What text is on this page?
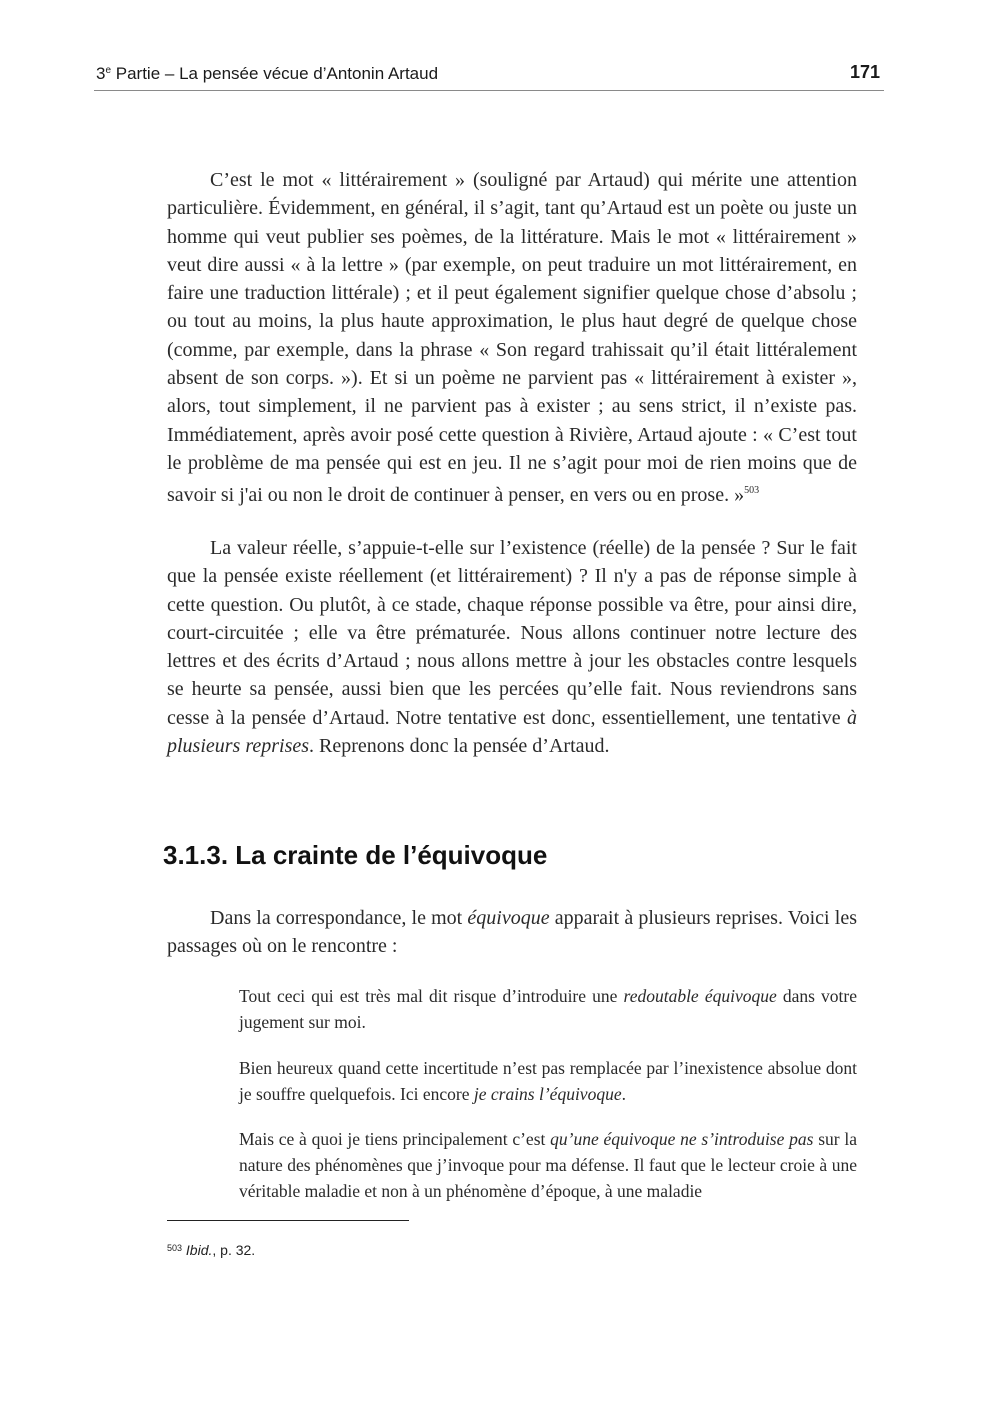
3e Partie – La pensée vécue d’Antonin Artaud	171

C’est le mot « littérairement » (souligné par Artaud) qui mérite une attention particulière. Évidemment, en général, il s’agit, tant qu’Artaud est un poète ou juste un homme qui veut publier ses poèmes, de la littérature. Mais le mot « littérairement » veut dire aussi « à la lettre » (par exemple, on peut traduire un mot littérairement, en faire une traduction littérale) ; et il peut également signifier quelque chose d’absolu ; ou tout au moins, la plus haute approximation, le plus haut degré de quelque chose (comme, par exemple, dans la phrase « Son regard trahissait qu’il était littéralement absent de son corps. »). Et si un poème ne parvient pas « littérairement à exister », alors, tout simplement, il ne parvient pas à exister ; au sens strict, il n’existe pas. Immédiatement, après avoir posé cette question à Rivière, Artaud ajoute : « C’est tout le problème de ma pensée qui est en jeu. Il ne s’agit pour moi de rien moins que de savoir si j'ai ou non le droit de continuer à penser, en vers ou en prose. »$^{503}$

La valeur réelle, s’appuie-t-elle sur l’existence (réelle) de la pensée ? Sur le fait que la pensée existe réellement (et littérairement) ? Il n'y a pas de réponse simple à cette question. Ou plutôt, à ce stade, chaque réponse possible va être, pour ainsi dire, court-circuitée ; elle va être prématurée. Nous allons continuer notre lecture des lettres et des écrits d’Artaud ; nous allons mettre à jour les obstacles contre lesquels se heurte sa pensée, aussi bien que les percées qu’elle fait. Nous reviendrons sans cesse à la pensée d’Artaud. Notre tentative est donc, essentiellement, une tentative à plusieurs reprises. Reprenons donc la pensée d’Artaud.

3.1.3. La crainte de l’équivoque

Dans la correspondance, le mot équivoque apparait à plusieurs reprises. Voici les passages où on le rencontre :

Tout ceci qui est très mal dit risque d’introduire une redoutable équivoque dans votre jugement sur moi.

Bien heureux quand cette incertitude n’est pas remplacée par l’inexistence absolue dont je souffre quelquefois. Ici encore je crains l’équivoque.

Mais ce à quoi je tiens principalement c’est qu’une équivoque ne s’introduise pas sur la nature des phénomènes que j’invoque pour ma défense. Il faut que le lecteur croie à une véritable maladie et non à un phénomène d’époque, à une maladie

$^{503}$ Ibid., p. 32.
